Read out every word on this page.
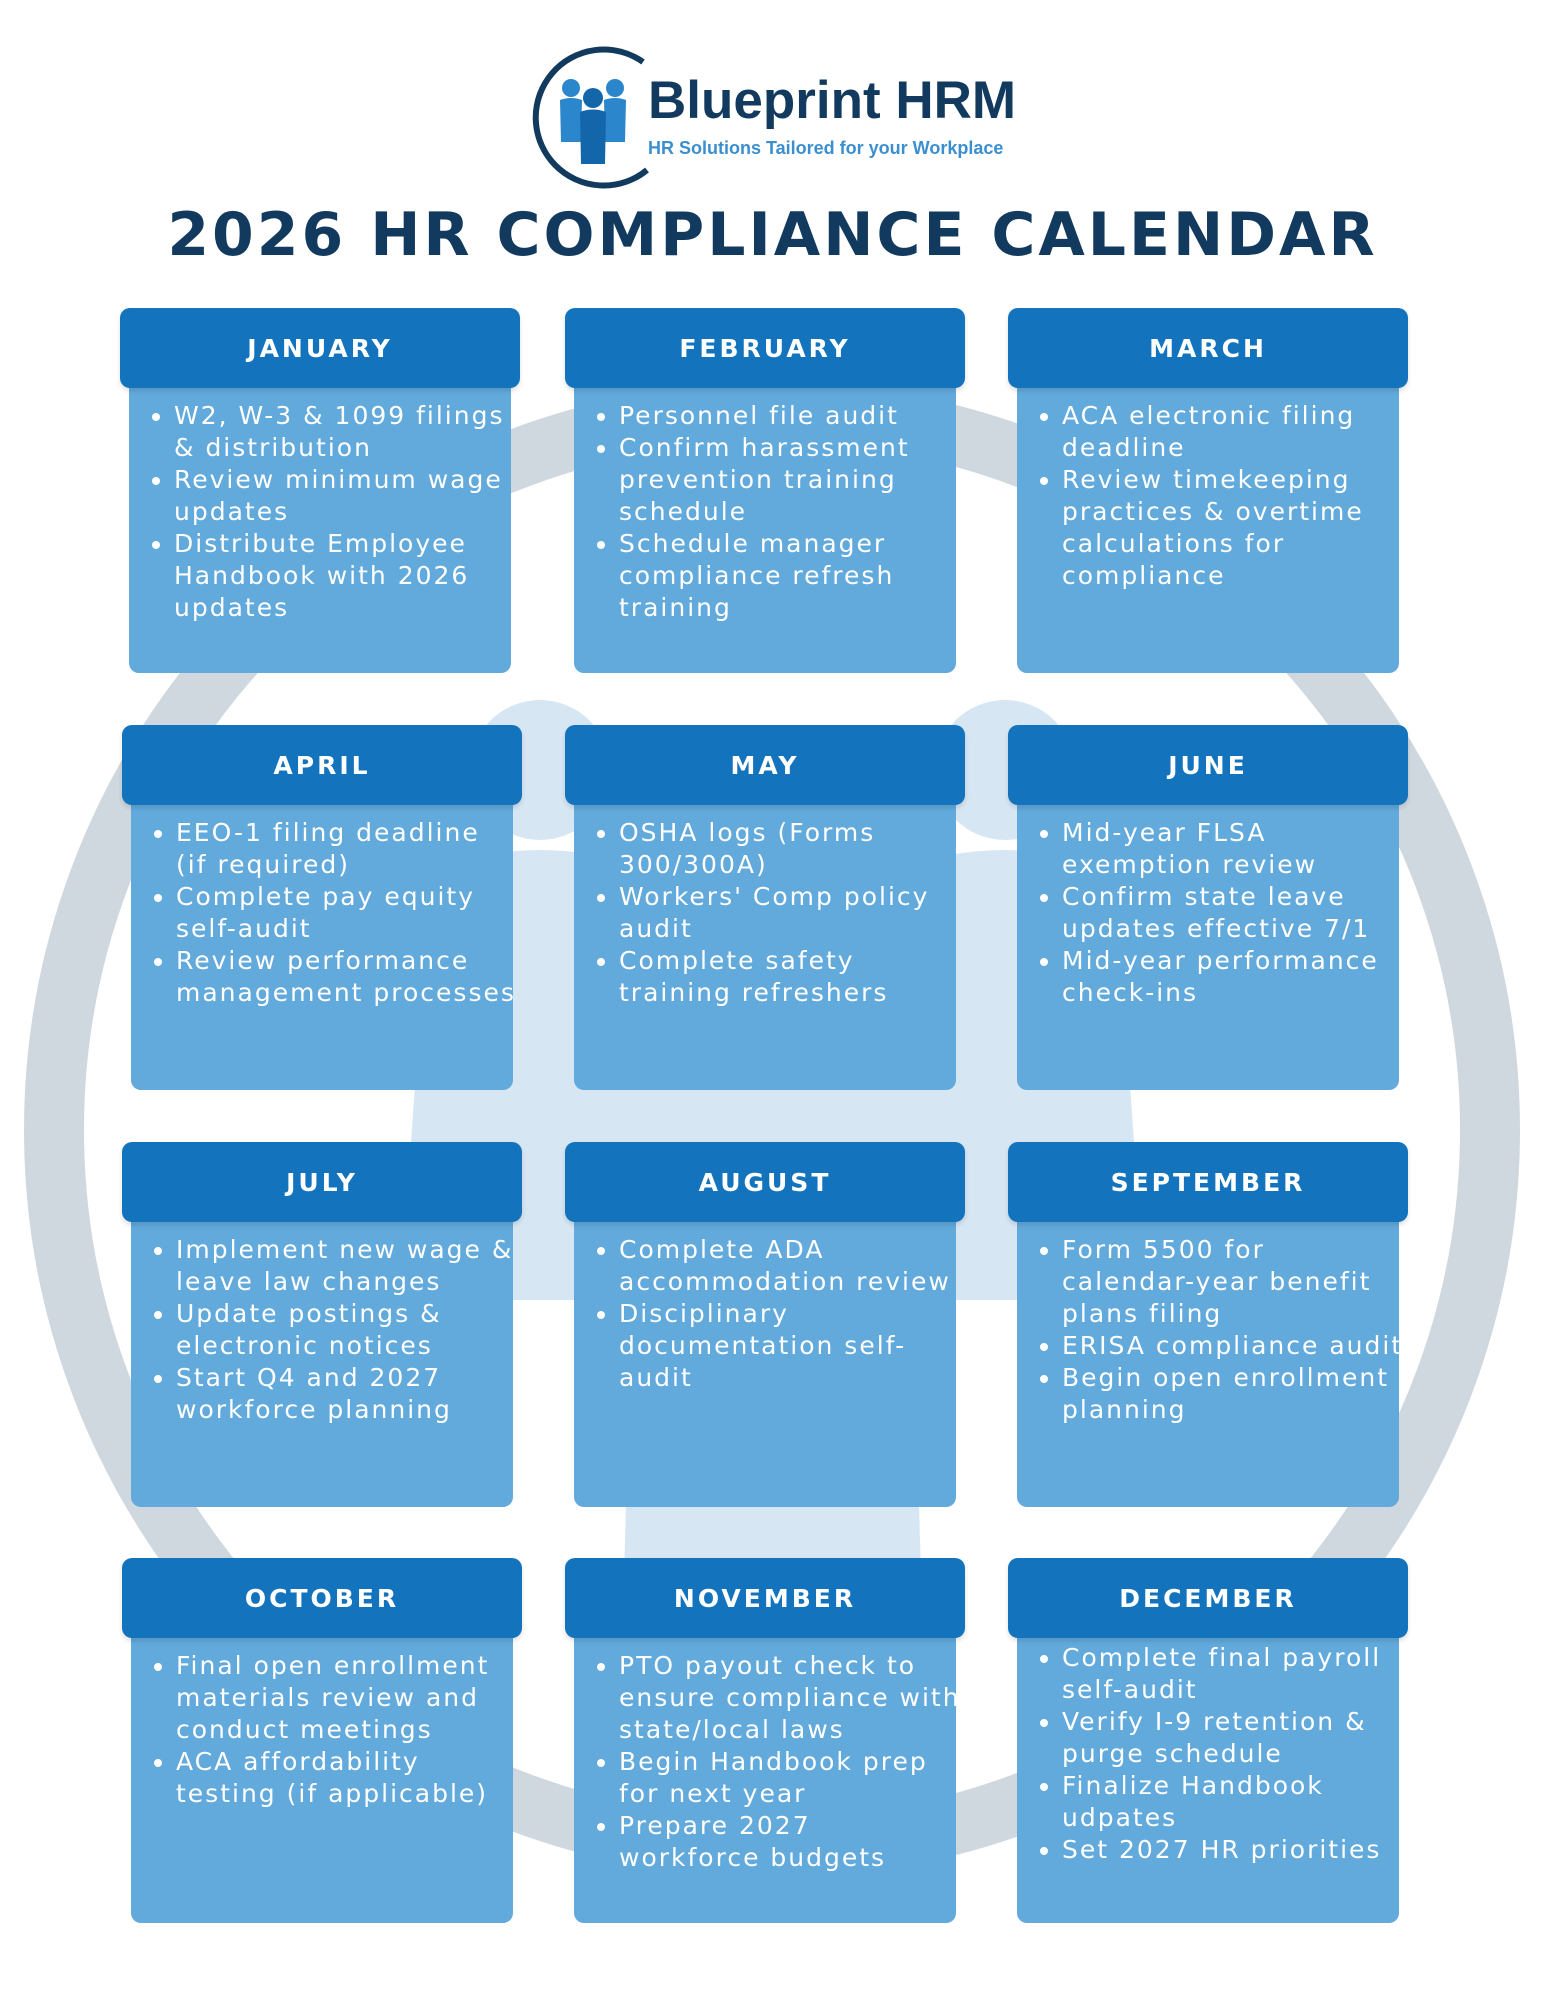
Blueprint HRM
HR Solutions Tailored for your Workplace
2026 HR COMPLIANCE CALENDAR
JANUARY
• W2, W-3 & 1099 filings & distribution
• Review minimum wage updates
• Distribute Employee Handbook with 2026 updates
FEBRUARY
• Personnel file audit
• Confirm harassment prevention training schedule
• Schedule manager compliance refresh training
MARCH
• ACA electronic filing deadline
• Review timekeeping practices & overtime calculations for compliance
APRIL
• EEO-1 filing deadline (if required)
• Complete pay equity self-audit
• Review performance management processes
MAY
• OSHA logs (Forms 300/300A)
• Workers' Comp policy audit
• Complete safety training refreshers
JUNE
• Mid-year FLSA exemption review
• Confirm state leave updates effective 7/1
• Mid-year performance check-ins
JULY
• Implement new wage & leave law changes
• Update postings & electronic notices
• Start Q4 and 2027 workforce planning
AUGUST
• Complete ADA accommodation review
• Disciplinary documentation self-audit
SEPTEMBER
• Form 5500 for calendar-year benefit plans filing
• ERISA compliance audit
• Begin open enrollment planning
OCTOBER
• Final open enrollment materials review and conduct meetings
• ACA affordability testing (if applicable)
NOVEMBER
• PTO payout check to ensure compliance with state/local laws
• Begin Handbook prep for next year
• Prepare 2027 workforce budgets
DECEMBER
• Complete final payroll self-audit
• Verify I-9 retention & purge schedule
• Finalize Handbook udpates
• Set 2027 HR priorities
